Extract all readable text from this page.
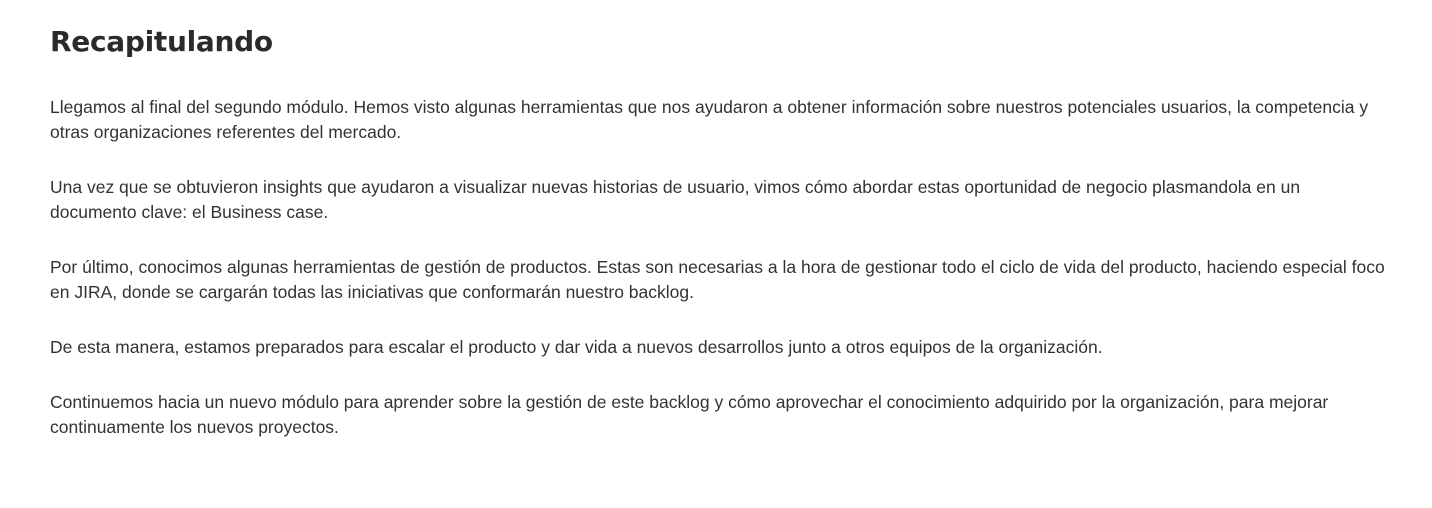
Recapitulando

Llegamos al final del segundo módulo. Hemos visto algunas herramientas que nos ayudaron a obtener información sobre nuestros potenciales usuarios, la competencia y otras organizaciones referentes del mercado.

Una vez que se obtuvieron insights que ayudaron a visualizar nuevas historias de usuario, vimos cómo abordar estas oportunidad de negocio plasmandola en un documento clave: el Business case.

Por último, conocimos algunas herramientas de gestión de productos. Estas son necesarias a la hora de gestionar todo el ciclo de vida del producto, haciendo especial foco en JIRA, donde se cargarán todas las iniciativas que conformarán nuestro backlog.

De esta manera, estamos preparados para escalar el producto y dar vida a nuevos desarrollos junto a otros equipos de la organización.

Continuemos hacia un nuevo módulo para aprender sobre la gestión de este backlog y cómo aprovechar el conocimiento adquirido por la organización, para mejorar continuamente los nuevos proyectos.
